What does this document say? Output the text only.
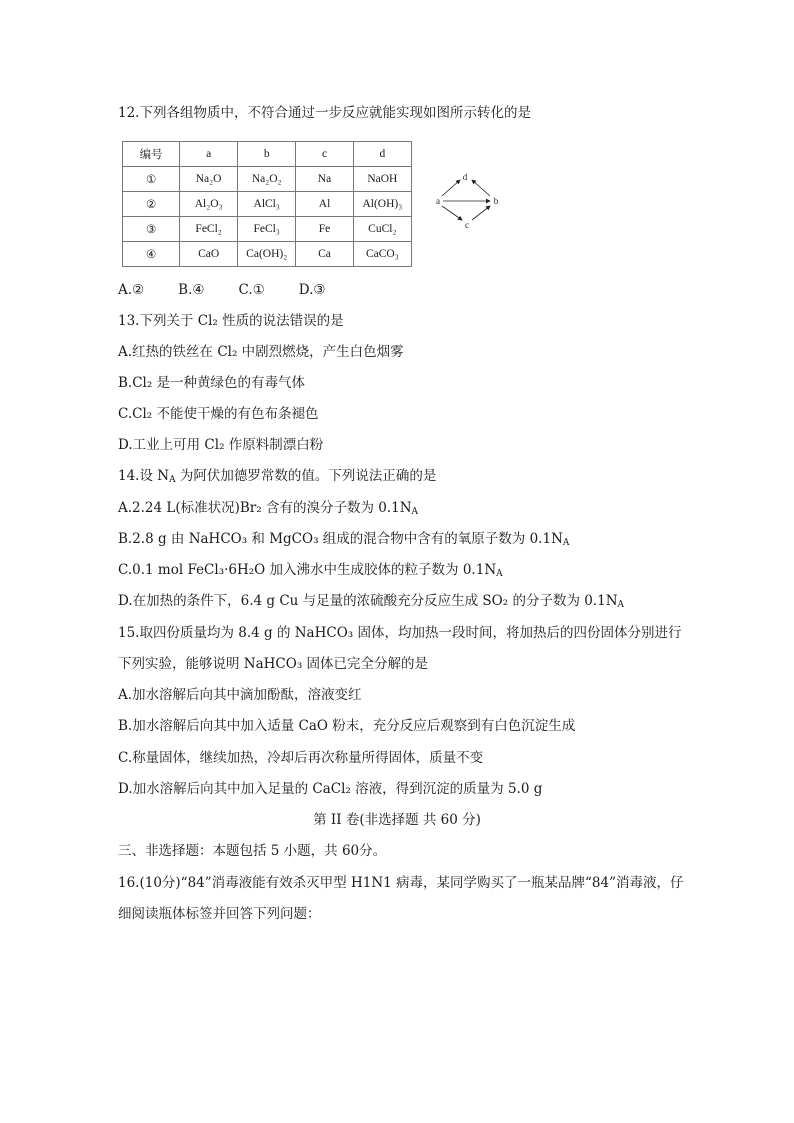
12.下列各组物质中，不符合通过一步反应就能实现如图所示转化的是
编号	a	b	c	d
①	Na₂O	Na₂O₂	Na	NaOH
②	Al₂O₃	AlCl₃	Al	Al(OH)₃
③	FeCl₂	FeCl₃	Fe	CuCl₂
④	CaO	Ca(OH)₂	Ca	CaCO₃
d
a	b
c
A.②	B.④	C.①	D.③
13.下列关于 Cl₂ 性质的说法错误的是
A.红热的铁丝在 Cl₂ 中剧烈燃烧，产生白色烟雾
B.Cl₂ 是一种黄绿色的有毒气体
C.Cl₂ 不能使干燥的有色布条褪色
D.工业上可用 Cl₂ 作原料制漂白粉
14.设 $N_A$ 为阿伏加德罗常数的值。下列说法正确的是
A.2.24 L(标准状况)Br₂ 含有的溴分子数为 $0.1N_A$
B.2.8 g 由 NaHCO₃ 和 MgCO₃ 组成的混合物中含有的氧原子数为 $0.1N_A$
C.0.1 mol FeCl₃·6H₂O 加入沸水中生成胶体的粒子数为 $0.1N_A$
D.在加热的条件下，6.4 g Cu 与足量的浓硫酸充分反应生成 SO₂ 的分子数为 $0.1N_A$
15.取四份质量均为 8.4 g 的 NaHCO₃ 固体，均加热一段时间，将加热后的四份固体分别进行
下列实验，能够说明 NaHCO₃ 固体已完全分解的是
A.加水溶解后向其中滴加酚酞，溶液变红
B.加水溶解后向其中加入适量 CaO 粉末，充分反应后观察到有白色沉淀生成
C.称量固体，继续加热，冷却后再次称量所得固体，质量不变
D.加水溶解后向其中加入足量的 CaCl₂ 溶液，得到沉淀的质量为 5.0 g
第 II 卷(非选择题 共 60 分)
三、非选择题：本题包括 5 小题，共 60分。
16.(10分)“84”消毒液能有效杀灭甲型 H1N1 病毒，某同学购买了一瓶某品牌“84”消毒液，仔
细阅读瓶体标签并回答下列问题：
